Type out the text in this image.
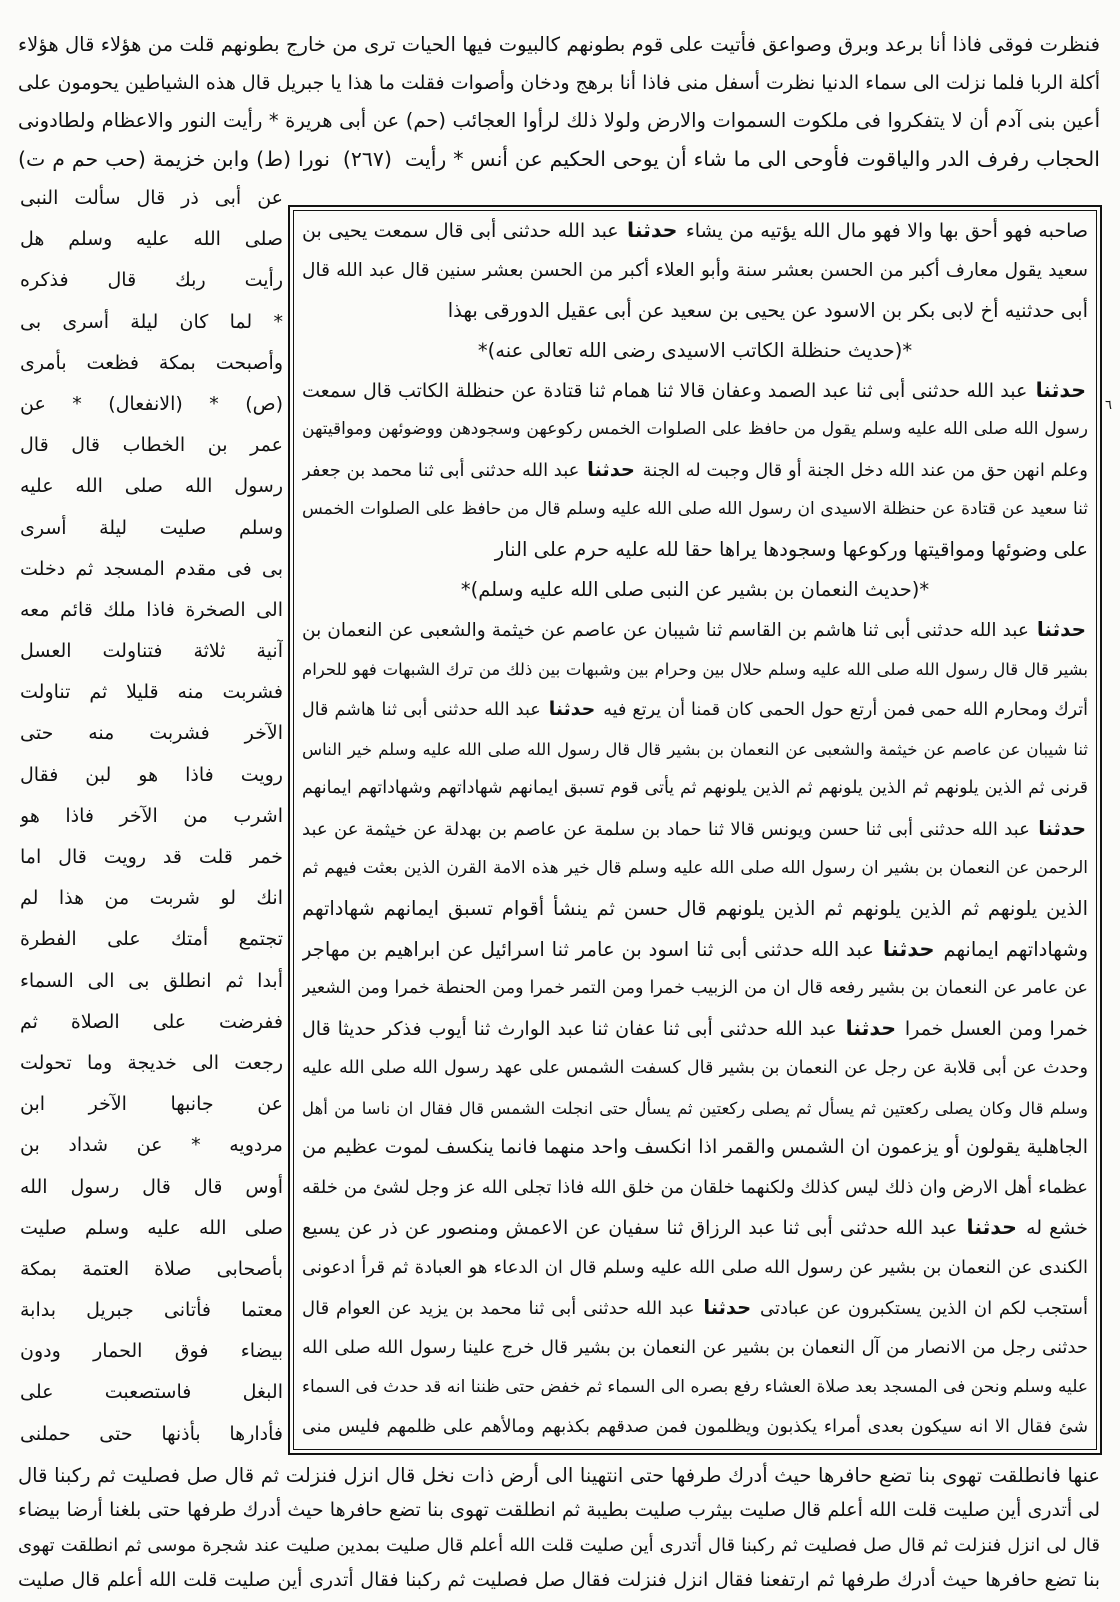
فنظرت فوقى فاذا أنا برعد وبرق وصواعق فأتيت على قوم بطونهم كالبيوت فيها الحيات ترى من خارج بطونهم قلت من هؤلاء قال هؤلاء
أكلة الربا فلما نزلت الى سماء الدنيا نظرت أسفل منى فاذا أنا برهج ودخان وأصوات فقلت ما هذا يا جبريل قال هذه الشياطين يحومون على
أعين بنى آدم أن لا يتفكروا فى ملكوت السموات والارض ولولا ذلك لرأوا العجائب (حم) عن أبى هريرة * رأيت النور والاعظام ولطادونى
الحجاب رفرف الدر والياقوت فأوحى الى ما شاء أن يوحى الحكيم عن أنس * رأيت (٢٦٧) نورا (ط) وابن خزيمة (حب حم م ت)
عن أبى ذر قال سألت النبى
صلى الله عليه وسلم هل
رأيت ربك قال فذكره
* لما كان ليلة أسرى بى
وأصبحت بمكة فظعت بأمرى
(ص) * (الانفعال) * عن
عمر بن الخطاب قال قال
رسول الله صلى الله عليه
وسلم صليت ليلة أسرى
بى فى مقدم المسجد ثم دخلت
الى الصخرة فاذا ملك قائم معه
آنية ثلاثة فتناولت العسل
فشربت منه قليلا ثم تناولت
الآخر فشربت منه حتى
رويت فاذا هو لبن فقال
اشرب من الآخر فاذا هو
خمر قلت قد رويت قال اما
انك لو شربت من هذا لم
تجتمع أمتك على الفطرة
أبدا ثم انطلق بى الى السماء
ففرضت على الصلاة ثم
رجعت الى خديجة وما تحولت
عن جانبها الآخر ابن
مردويه * عن شداد بن
أوس قال قال رسول الله
صلى الله عليه وسلم صليت
بأصحابى صلاة العتمة بمكة
معتما فأتانى جبريل بدابة
بيضاء فوق الحمار ودون
البغل فاستصعبت على
فأدارها بأذنها حتى حملنى
صاحبه فهو أحق بها والا فهو مال الله يؤتيه من يشاء حدثنا عبد الله حدثنى أبى قال سمعت يحيى بن
سعيد يقول معارف أكبر من الحسن بعشر سنة وأبو العلاء أكبر من الحسن بعشر سنين قال عبد الله قال
أبى حدثنيه أخ لابى بكر بن الاسود عن يحيى بن سعيد عن أبى عقيل الدورقى بهذا
*(حديث حنظلة الكاتب الاسيدى رضى الله تعالى عنه)*
حدثنا عبد الله حدثنى أبى ثنا عبد الصمد وعفان قالا ثنا همام ثنا قتادة عن حنظلة الكاتب قال سمعت
رسول الله صلى الله عليه وسلم يقول من حافظ على الصلوات الخمس ركوعهن وسجودهن ووضوئهن ومواقيتهن
وعلم انهن حق من عند الله دخل الجنة أو قال وجبت له الجنة حدثنا عبد الله حدثنى أبى ثنا محمد بن جعفر
ثنا سعيد عن قتادة عن حنظلة الاسيدى ان رسول الله صلى الله عليه وسلم قال من حافظ على الصلوات الخمس
على وضوئها ومواقيتها وركوعها وسجودها يراها حقا لله عليه حرم على النار
*(حديث النعمان بن بشير عن النبى صلى الله عليه وسلم)*
حدثنا عبد الله حدثنى أبى ثنا هاشم بن القاسم ثنا شيبان عن عاصم عن خيثمة والشعبى عن النعمان بن
بشير قال قال رسول الله صلى الله عليه وسلم حلال بين وحرام بين وشبهات بين ذلك من ترك الشبهات فهو للحرام
أترك ومحارم الله حمى فمن أرتع حول الحمى كان قمنا أن يرتع فيه حدثنا عبد الله حدثنى أبى ثنا هاشم قال
ثنا شيبان عن عاصم عن خيثمة والشعبى عن النعمان بن بشير قال قال رسول الله صلى الله عليه وسلم خير الناس
قرنى ثم الذين يلونهم ثم الذين يلونهم ثم الذين يلونهم ثم يأتى قوم تسبق ايمانهم شهاداتهم وشهاداتهم ايمانهم
حدثنا عبد الله حدثنى أبى ثنا حسن ويونس قالا ثنا حماد بن سلمة عن عاصم بن بهدلة عن خيثمة عن عبد
الرحمن عن النعمان بن بشير ان رسول الله صلى الله عليه وسلم قال خير هذه الامة القرن الذين بعثت فيهم ثم
الذين يلونهم ثم الذين يلونهم ثم الذين يلونهم قال حسن ثم ينشأ أقوام تسبق ايمانهم شهاداتهم
وشهاداتهم ايمانهم حدثنا عبد الله حدثنى أبى ثنا اسود بن عامر ثنا اسرائيل عن ابراهيم بن مهاجر
عن عامر عن النعمان بن بشير رفعه قال ان من الزبيب خمرا ومن التمر خمرا ومن الحنطة خمرا ومن الشعير
خمرا ومن العسل خمرا حدثنا عبد الله حدثنى أبى ثنا عفان ثنا عبد الوارث ثنا أيوب فذكر حديثا قال
وحدث عن أبى قلابة عن رجل عن النعمان بن بشير قال كسفت الشمس على عهد رسول الله صلى الله عليه
وسلم قال وكان يصلى ركعتين ثم يسأل ثم يصلى ركعتين ثم يسأل حتى انجلت الشمس قال فقال ان ناسا من أهل
الجاهلية يقولون أو يزعمون ان الشمس والقمر اذا انكسف واحد منهما فانما ينكسف لموت عظيم من
عظماء أهل الارض وان ذلك ليس كذلك ولكنهما خلقان من خلق الله فاذا تجلى الله عز وجل لشئ من خلقه
خشع له حدثنا عبد الله حدثنى أبى ثنا عبد الرزاق ثنا سفيان عن الاعمش ومنصور عن ذر عن يسيع
الكندى عن النعمان بن بشير عن رسول الله صلى الله عليه وسلم قال ان الدعاء هو العبادة ثم قرأ ادعونى
أستجب لكم ان الذين يستكبرون عن عبادتى حدثنا عبد الله حدثنى أبى ثنا محمد بن يزيد عن العوام قال
حدثنى رجل من الانصار من آل النعمان بن بشير عن النعمان بن بشير قال خرج علينا رسول الله صلى الله
عليه وسلم ونحن فى المسجد بعد صلاة العشاء رفع بصره الى السماء ثم خفض حتى ظننا انه قد حدث فى السماء
شئ فقال الا انه سيكون بعدى أمراء يكذبون ويظلمون فمن صدقهم بكذبهم ومالأهم على ظلمهم فليس منى
٦
عنها فانطلقت تهوى بنا تضع حافرها حيث أدرك طرفها حتى انتهينا الى أرض ذات نخل قال انزل فنزلت ثم قال صل فصليت ثم ركبنا قال
لى أتدرى أين صليت قلت الله أعلم قال صليت بيثرب صليت بطيبة ثم انطلقت تهوى بنا تضع حافرها حيث أدرك طرفها حتى بلغنا أرضا بيضاء
قال لى انزل فنزلت ثم قال صل فصليت ثم ركبنا قال أتدرى أين صليت قلت الله أعلم قال صليت بمدين صليت عند شجرة موسى ثم انطلقت تهوى
بنا تضع حافرها حيث أدرك طرفها ثم ارتفعنا فقال انزل فنزلت فقال صل فصليت ثم ركبنا فقال أتدرى أين صليت قلت الله أعلم قال صليت
